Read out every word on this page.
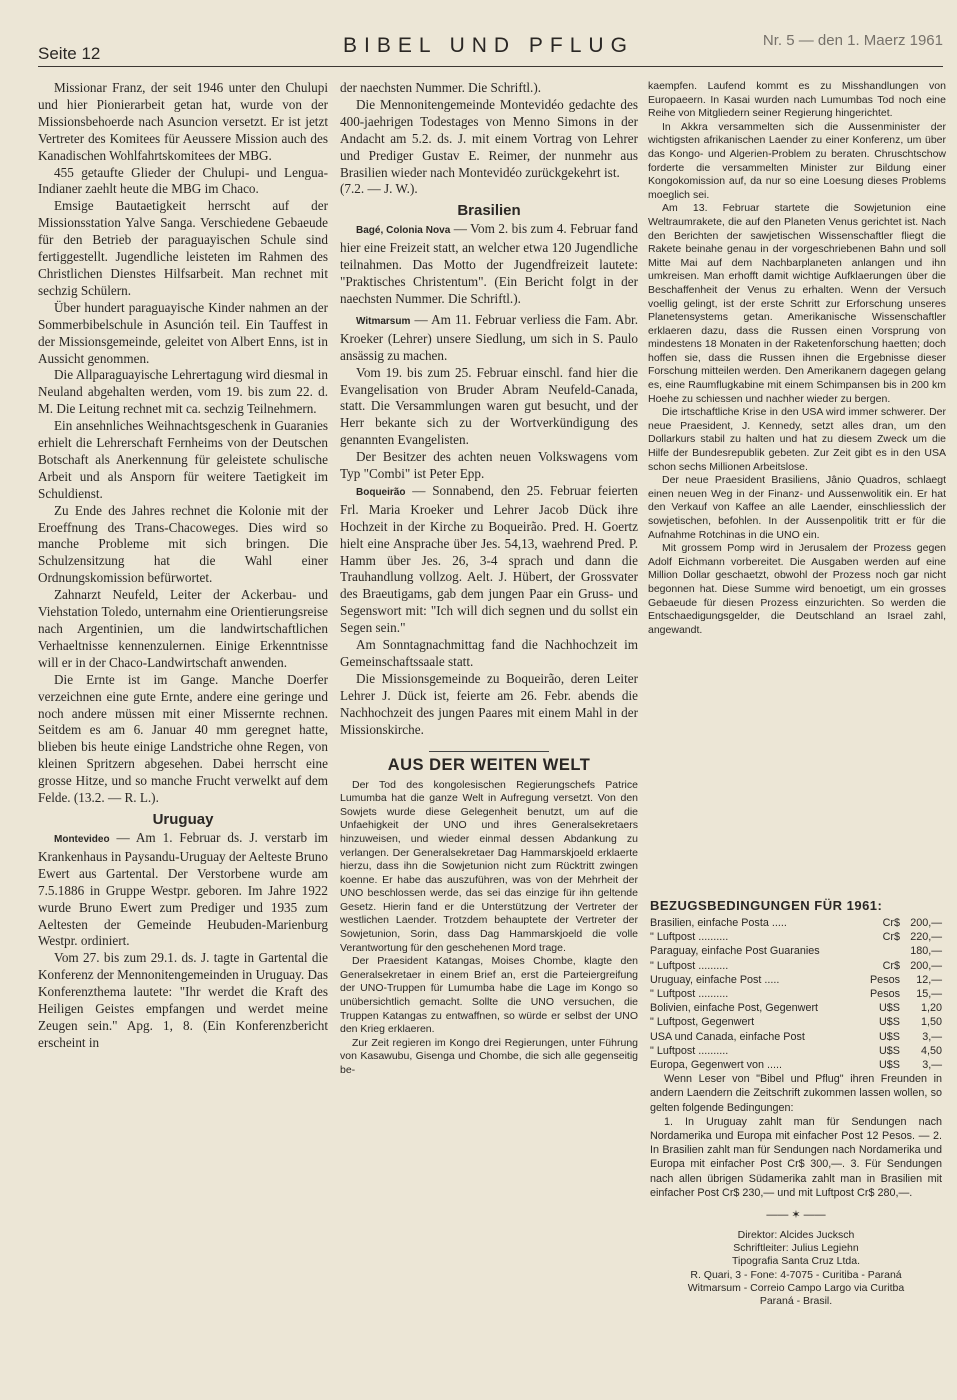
Seite 12	BIBEL UND PFLUG	Nr. 5 — den 1. Maerz 1961

Missionar Franz, der seit 1946 unter den Chulupi und hier Pionierarbeit getan hat, wurde von der Missionsbehoerde nach Asuncion versetzt. Er ist jetzt Vertreter des Komitees für Aeussere Mission auch des Kanadischen Wohlfahrtskomitees der MBG.

455 getaufte Glieder der Chulupi- und Lengua-Indianer zaehlt heute die MBG im Chaco.

Emsige Bautaetigkeit herrscht auf der Missionsstation Yalve Sanga. Verschiedene Gebaeude für den Betrieb der paraguayischen Schule sind fertiggestellt. Jugendliche leisteten im Rahmen des Christlichen Dienstes Hilfsarbeit. Man rechnet mit sechzig Schülern.

Über hundert paraguayische Kinder nahmen an der Sommerbibelschule in Asunción teil. Ein Tauffest in der Missionsgemeinde, geleitet von Albert Enns, ist in Aussicht genommen.

Die Allparaguayische Lehrertagung wird diesmal in Neuland abgehalten werden, vom 19. bis zum 22. d. M. Die Leitung rechnet mit ca. sechzig Teilnehmern.

Ein ansehnliches Weihnachtsgeschenk in Guaranies erhielt die Lehrerschaft Fernheims von der Deutschen Botschaft als Anerkennung für geleistete schulische Arbeit und als Ansporn für weitere Taetigkeit im Schuldienst.

Zu Ende des Jahres rechnet die Kolonie mit der Eroeffnung des Trans-Chacoweges. Dies wird so manche Probleme mit sich bringen. Die Schulzensitzung hat die Wahl einer Ordnungskomission befürwortet.

Zahnarzt Neufeld, Leiter der Ackerbau- und Viehstation Toledo, unternahm eine Orientierungsreise nach Argentinien, um die landwirtschaftlichen Verhaeltnisse kennenzulernen. Einige Erkenntnisse will er in der Chaco-Landwirtschaft anwenden.

Die Ernte ist im Gange. Manche Doerfer verzeichnen eine gute Ernte, andere eine geringe und noch andere müssen mit einer Misserntе rechnen. Seitdem es am 6. Januar 40 mm geregnet hatte, blieben bis heute einige Landstriche ohne Regen, von kleinen Spritzern abgesehen. Dabei herrscht eine grosse Hitze, und so manche Frucht verwelkt auf dem Felde. (13.2. — R. L.).

Uruguay

Montevideo — Am 1. Februar ds. J. verstarb im Krankenhaus in Paysandu-Uruguay der Aelteste Bruno Ewert aus Gartental. Der Verstorbene wurde am 7.5.1886 in Gruppe Westpr. geboren. Im Jahre 1922 wurde Bruno Ewert zum Prediger und 1935 zum Aeltesten der Gemeinde Heubuden-Marienburg Westpr. ordiniert.

Vom 27. bis zum 29.1. ds. J. tagte in Gartental die Konferenz der Mennonitengemeinden in Uruguay. Das Konferenzthema lautete: "Ihr werdet die Kraft des Heiligen Geistes empfangen und werdet meine Zeugen sein." Apg. 1, 8. (Ein Konferenzbericht erscheint in

der naechsten Nummer. Die Schriftl.).

Die Mennonitengemeinde Montevidéo gedachte des 400-jaehrigen Todestages von Menno Simons in der Andacht am 5.2. ds. J. mit einem Vortrag von Lehrer und Prediger Gustav E. Reimer, der nunmehr aus Brasilien wieder nach Montevidéo zurückgekehrt ist.

(7.2. — J. W.).

Brasilien

Bagé, Colonia Nova — Vom 2. bis zum 4. Februar fand hier eine Freizeit statt, an welcher etwa 120 Jugendliche teilnahmen. Das Motto der Jugendfreizeit lautete: "Praktisches Christentum". (Ein Bericht folgt in der naechsten Nummer. Die Schriftl.).

Witmarsum — Am 11. Februar verliess die Fam. Abr. Kroeker (Lehrer) unsere Siedlung, um sich in S. Paulo ansässig zu machen.

Vom 19. bis zum 25. Februar einschl. fand hier die Evangelisation von Bruder Abram Neufeld-Canada, statt. Die Versammlungen waren gut besucht, und der Herr bekante sich zu der Wortverkündigung des genannten Evangelisten.

Der Besitzer des achten neuen Volkswagens vom Typ "Combi" ist Peter Epp.

Boqueirão — Sonnabend, den 25. Februar feierten Frl. Maria Kroeker und Lehrer Jacob Dück ihre Hochzeit in der Kirche zu Boqueirão. Pred. H. Goertz hielt eine Ansprache über Jes. 54,13, waehrend Pred. P. Hamm über Jes. 26, 3-4 sprach und dann die Trauhandlung vollzog. Aelt. J. Hübert, der Grossvater des Braeutigams, gab dem jungen Paar ein Gruss- und Segenswort mit: "Ich will dich segnen und du sollst ein Segen sein."

Am Sonntagnachmittag fand die Nachhochzeit im Gemeinschaftssaale statt.

Die Missionsgemeinde zu Boqueirão, deren Leiter Lehrer J. Dück ist, feierte am 26. Febr. abends die Nachhochzeit des jungen Paares mit einem Mahl in der Missionskirche.

AUS DER WEITEN WELT

Der Tod des kongolesischen Regierungschefs Patrice Lumumba hat die ganze Welt in Aufregung versetzt. Von den Sowjets wurde diese Gelegenheit benutzt, um auf die Unfaehigkeit der UNO und ihres Generalsekretaers hinzuweisen, und wieder einmal dessen Abdankung zu verlangen. Der Generalsekretaer Dag Hammarskjoeld erklaerte hierzu, dass ihn die Sowjetunion nicht zum Rücktritt zwingen koenne. Er habe das auszuführen, was von der Mehrheit der UNO beschlossen werde, das sei das einzige für ihn geltende Gesetz. Hierin fand er die Unterstützung der Vertreter der westlichen Laender. Trotzdem behauptete der Vertreter der Sowjetunion, Sorin, dass Dag Hammarskjoeld die volle Verantwortung für den geschehenen Mord trage.

Der Praesident Katangas, Moises Chombe, klagte den Generalsekretaer in einem Brief an, erst die Parteiergreifung der UNO-Truppen für Lumumba habe die Lage im Kongo so unübersichtlich gemacht. Sollte die UNO versuchen, die Truppen Katangas zu entwaffnen, so würde er selbst der UNO den Krieg erklaeren.

Zur Zeit regieren im Kongo drei Regierungen, unter Führung von Kasawubu, Gisenga und Chombe, die sich alle gegenseitig be-

kaempfen. Laufend kommt es zu Misshandlungen von Europaeern. In Kasai wurden nach Lumumbas Tod noch eine Reihe von Mitgliedern seiner Regierung hingerichtet.

In Akkra versammelten sich die Aussenminister der wichtigsten afrikanischen Laender zu einer Konferenz, um über das Kongo- und Algerien-Problem zu beraten. Chruschtschow forderte die versammelten Minister zur Bildung einer Kongokomission auf, da nur so eine Loesung dieses Problems moeglich sei.

Am 13. Februar startete die Sowjetunion eine Weltraumrakete, die auf den Planeten Venus gerichtet ist. Nach den Berichten der sawjetischen Wissenschaftler fliegt die Rakete beinahe genau in der vorgeschriebenen Bahn und soll Mitte Mai auf dem Nachbarplaneten anlangen und ihn umkreisen. Man erhofft damit wichtige Aufklaerungen über die Beschaffenheit der Venus zu erhalten. Wenn der Versuch voellig gelingt, ist der erste Schritt zur Erforschung unseres Planetensystems getan. Amerikanische Wissenschaftler erklaeren dazu, dass die Russen einen Vorsprung von mindestens 18 Monaten in der Raketenforschung haetten; doch hoffen sie, dass die Russen ihnen die Ergebnisse dieser Forschung mitteilen werden. Den Amerikanern dagegen gelang es, eine Raumflugkabine mit einem Schimpansen bis in 200 km Hoehe zu schiessen und nachher wieder zu bergen.

Die irtschaftliche Krise in den USA wird immer schwerer. Der neue Praesident, J. Kennedy, setzt alles dran, um den Dollarkurs stabil zu halten und hat zu diesem Zweck um die Hilfe der Bundesrepublik gebeten. Zur Zeit gibt es in den USA schon sechs Millionen Arbeitslose.

Der neue Praesident Brasiliens, Jânio Quadros, schlaegt einen neuen Weg in der Finanz- und Aussenwolitik ein. Er hat den Verkauf von Kaffee an alle Laender, einschliesslich der sowjetischen, befohlen. In der Aussenpolitik tritt er für die Aufnahme Rotchinas in die UNO ein.

Mit grossem Pomp wird in Jerusalem der Prozess gegen Adolf Eichmann vorbereitet. Die Ausgaben werden auf eine Million Dollar geschaetzt, obwohl der Prozess noch gar nicht begonnen hat. Diese Summe wird benoetigt, um ein grosses Gebaeude für diesen Prozess einzurichten. So werden die Entschaedigungsgelder, die Deutschland an Israel zahl, angewandt.

BEZUGSBEDINGUNGEN FÜR 1961:
Brasilien, einfache Posta .....	Cr$ 200,—
" Luftpost ..........	Cr$ 220,—
Paraguay, einfache Post Guaranies	180,—
" Luftpost ..........	Cr$ 200,—
Uruguay, einfache Post .....	Pesos	12,—
" Luftpost ..........	Pesos	15,—
Bolivien, einfache Post, Gegenwert	U$S	1,20
" Luftpost, Gegenwert	U$S	1,50
USA und Canada, einfache Post	U$S	3,—
" Luftpost ..........	U$S	4,50
Europa, Gegenwert von .....	U$S	3,—

Wenn Leser von "Bibel und Pflug" ihren Freunden in andern Laendern die Zeitschrift zukommen lassen wollen, so gelten folgende Bedingungen:

1. In Uruguay zahlt man für Sendungen nach Nordamerika und Europa mit einfacher Post 12 Pesos. — 2. In Brasilien zahlt man für Sendungen nach Nordamerika und Europa mit einfacher Post Cr$ 300,—. 3. Für Sendungen nach allen übrigen Südamerika zahlt man in Brasilien mit einfacher Post Cr$ 230,— und mit Luftpost Cr$ 280,—.

—— ✶ ——
Direktor: Alcides Jucksch
Schriftleiter: Julius Legiehn
Tipografia Santa Cruz Ltda.
R. Quari, 3 - Fone: 4-7075 - Curitiba - Paraná
Witmarsum - Correio Campo Largo via Curitba
Paraná - Brasil.
